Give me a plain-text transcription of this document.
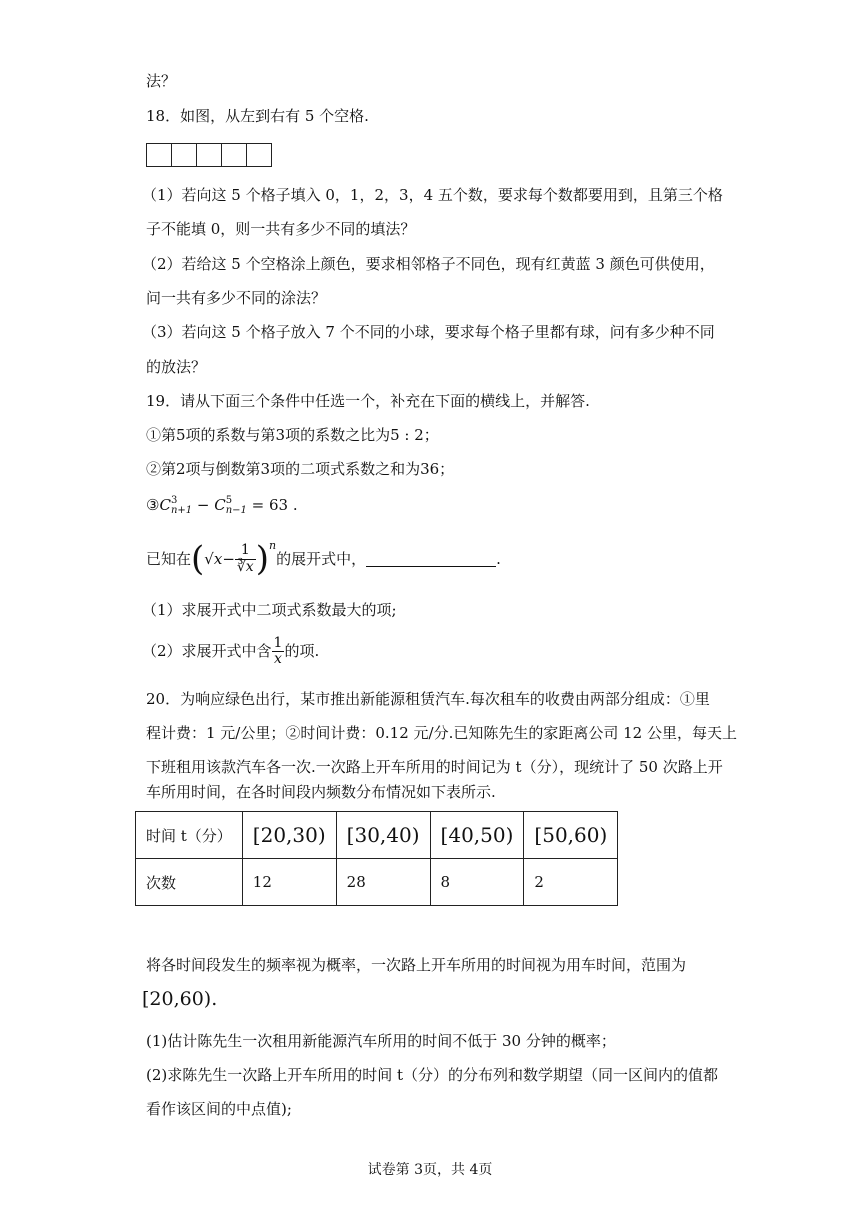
法？
18．如图，从左到右有 5 个空格.
（1）若向这 5 个格子填入 0，1，2，3，4 五个数，要求每个数都要用到，且第三个格
子不能填 0，则一共有多少不同的填法？
（2）若给这 5 个空格涂上颜色，要求相邻格子不同色，现有红黄蓝 3 颜色可供使用，
问一共有多少不同的涂法？
（3）若向这 5 个格子放入 7 个不同的小球，要求每个格子里都有球，问有多少种不同
的放法？
19．请从下面三个条件中任选一个，补充在下面的横线上，并解答.
①第5项的系数与第3项的系数之比为5 : 2；
②第2项与倒数第3项的二项式系数之和为36；
③C 3
n+1 − C 5
n−1 = 63 .
已知在 ( $√x - \frac{1}{∛x}$ ) n
的展开式中，	.
（1）求展开式中二项式系数最大的项;
（2）求展开式中含 $\frac{1}{x}$ 的项.
20．为响应绿色出行，某市推出新能源租赁汽车.每次租车的收费由两部分组成：①里
程计费：1 元/公里；②时间计费：0.12 元/分.已知陈先生的家距离公司 12 公里，每天上
下班租用该款汽车各一次.一次路上开车所用的时间记为 t（分），现统计了 50 次路上开
车所用时间，在各时间段内频数分布情况如下表所示.
时间 t（分）	[20,30)	[30,40)	[40,50)	[50,60)
次数	12	28	8	2
将各时间段发生的频率视为概率，一次路上开车所用的时间视为用车时间，范围为
[20,60).
(1)估计陈先生一次租用新能源汽车所用的时间不低于 30 分钟的概率；
(2)求陈先生一次路上开车所用的时间 t（分）的分布列和数学期望（同一区间内的值都
看作该区间的中点值);
试卷第 3页，共 4页
